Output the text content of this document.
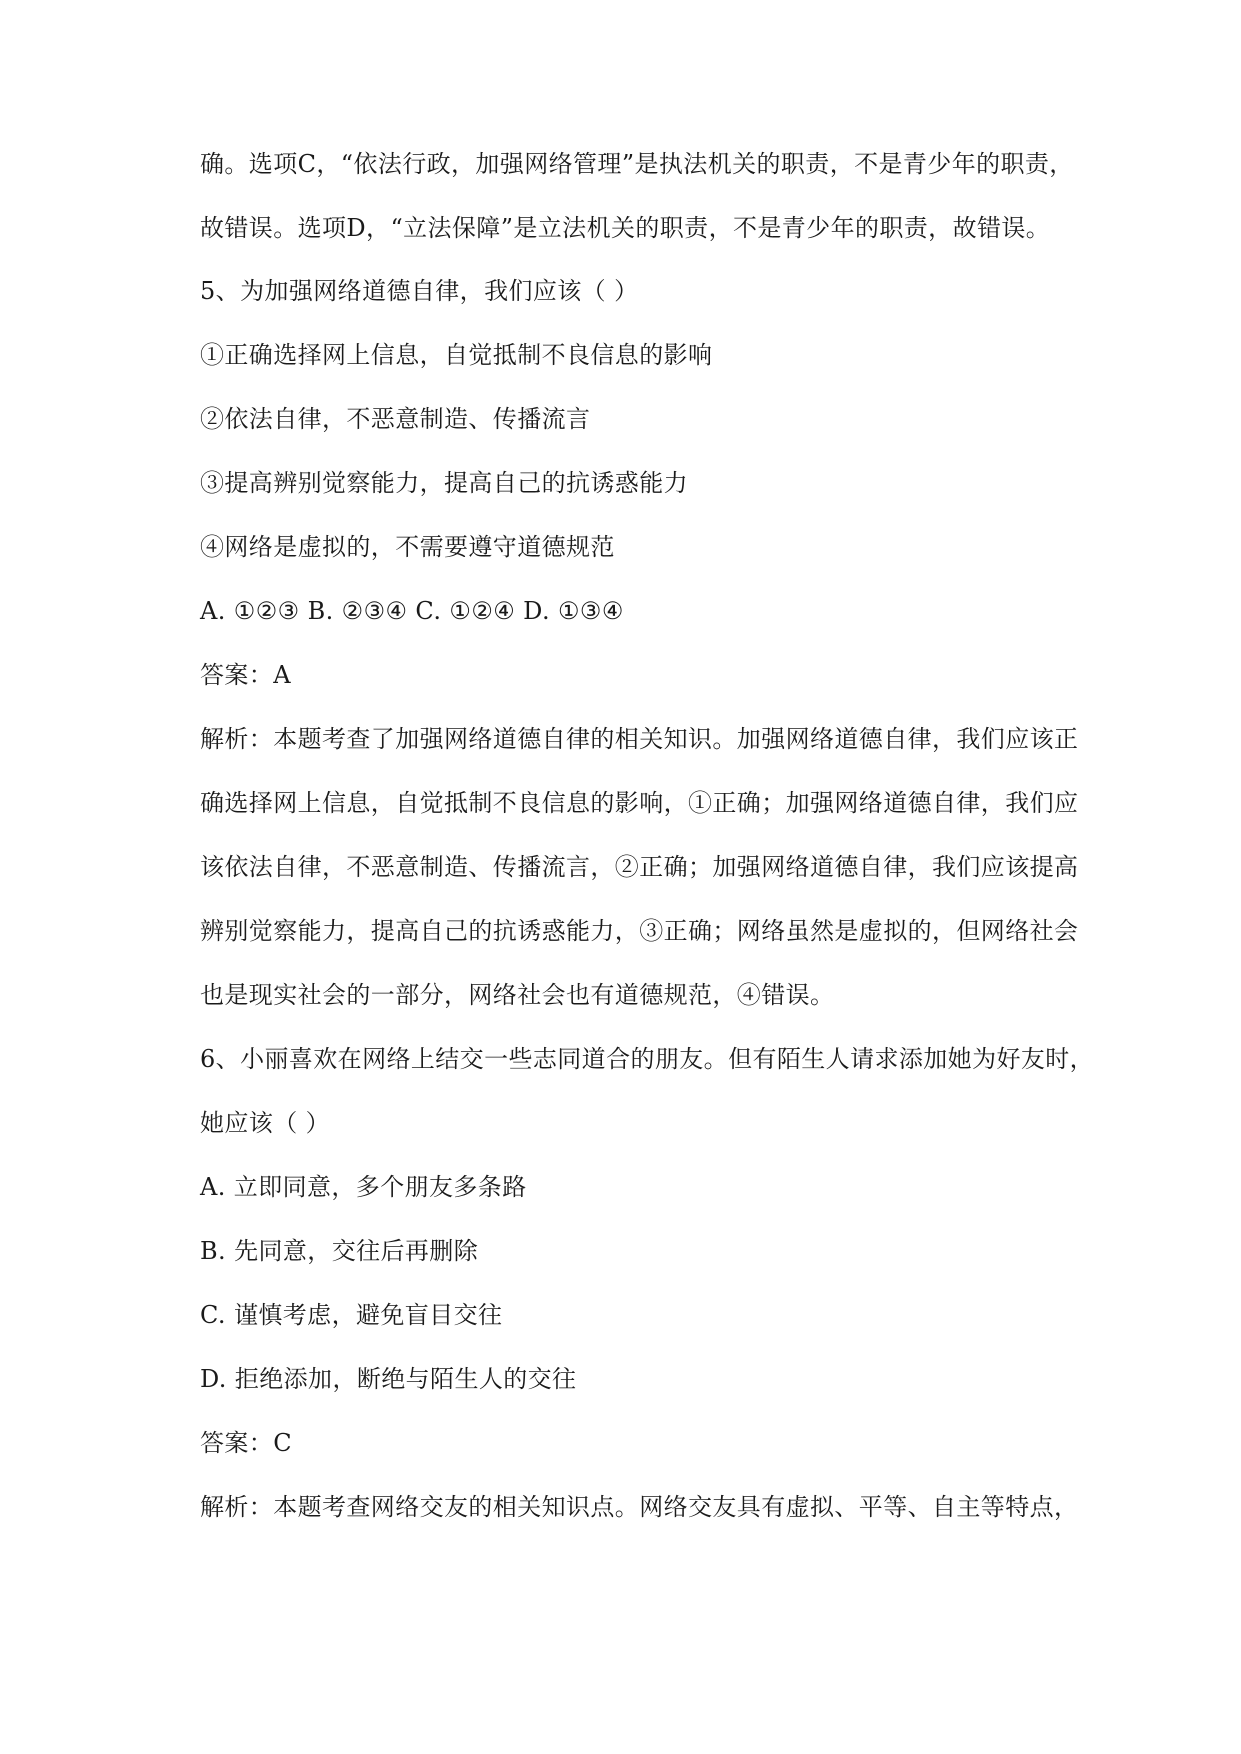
确。选项C，“依法行政，加强网络管理”是执法机关的职责，不是青少年的职责，
故错误。选项D，“立法保障”是立法机关的职责，不是青少年的职责，故错误。
5、为加强网络道德自律，我们应该（ ）
①正确选择网上信息，自觉抵制不良信息的影响
②依法自律，不恶意制造、传播流言
③提高辨别觉察能力，提高自己的抗诱惑能力
④网络是虚拟的，不需要遵守道德规范
A. ①②③ B. ②③④ C. ①②④ D. ①③④
答案：A
解析：本题考查了加强网络道德自律的相关知识。加强网络道德自律，我们应该正
确选择网上信息，自觉抵制不良信息的影响，①正确；加强网络道德自律，我们应
该依法自律，不恶意制造、传播流言，②正确；加强网络道德自律，我们应该提高
辨别觉察能力，提高自己的抗诱惑能力，③正确；网络虽然是虚拟的，但网络社会
也是现实社会的一部分，网络社会也有道德规范，④错误。
6、小丽喜欢在网络上结交一些志同道合的朋友。但有陌生人请求添加她为好友时，
她应该（ ）
A. 立即同意，多个朋友多条路
B. 先同意，交往后再删除
C. 谨慎考虑，避免盲目交往
D. 拒绝添加，断绝与陌生人的交往
答案：C
解析：本题考查网络交友的相关知识点。网络交友具有虚拟、平等、自主等特点，
